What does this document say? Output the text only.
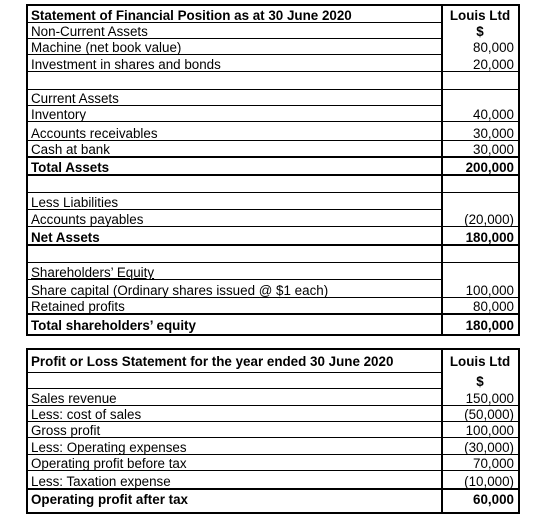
Statement of Financial Position as at 30 June 2020	Louis Ltd
Non-Current Assets	$
Machine (net book value)	80,000
Investment in shares and bonds	20,000
Current Assets
Inventory	40,000
Accounts receivables	30,000
Cash at bank	30,000
Total Assets	200,000
Less Liabilities
Accounts payables	(20,000)
Net Assets	180,000
Shareholders’ Equity
Share capital (Ordinary shares issued @ $1 each)	100,000
Retained profits	80,000
Total shareholders’ equity	180,000
Profit or Loss Statement for the year ended 30 June 2020	Louis Ltd
$
Sales revenue	150,000
Less: cost of sales	(50,000)
Gross profit	100,000
Less: Operating expenses	(30,000)
Operating profit before tax	70,000
Less: Taxation expense	(10,000)
Operating profit after tax	60,000
